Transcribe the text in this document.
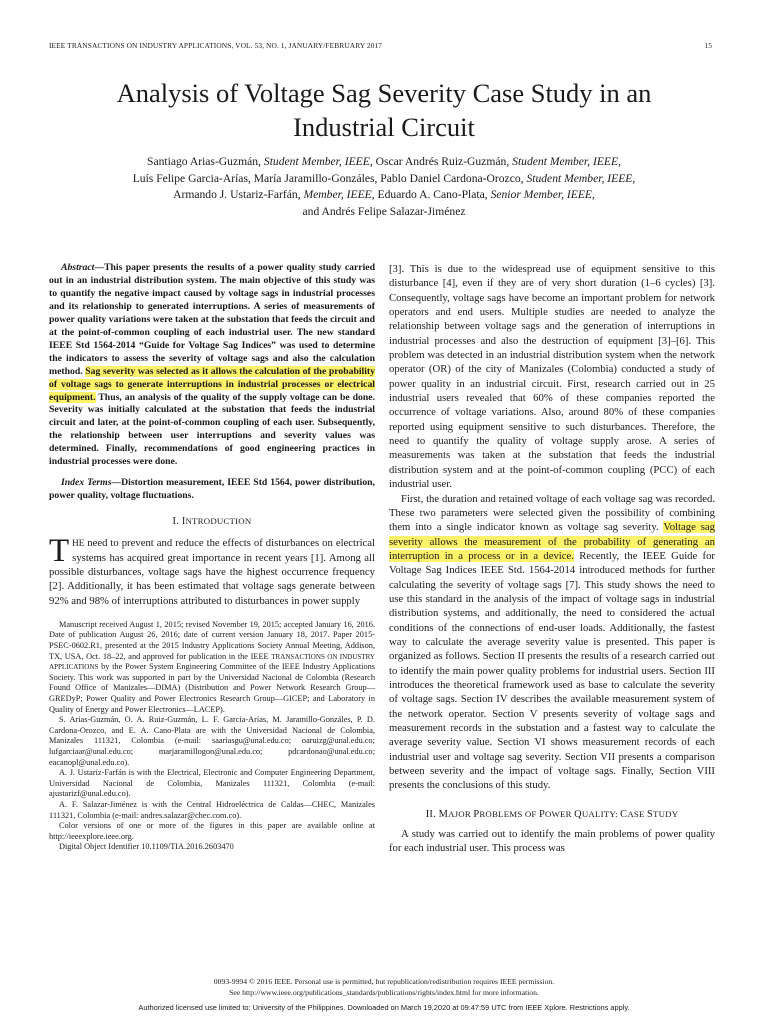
IEEE TRANSACTIONS ON INDUSTRY APPLICATIONS, VOL. 53, NO. 1, JANUARY/FEBRUARY 2017	15
Analysis of Voltage Sag Severity Case Study in an
Industrial Circuit
Santiago Arias-Guzmán, Student Member, IEEE, Oscar Andrés Ruiz-Guzmán, Student Member, IEEE,
Luís Felipe Garcia-Arías, María Jaramillo-Gonzáles, Pablo Daniel Cardona-Orozco, Student Member, IEEE,
Armando J. Ustariz-Farfán, Member, IEEE, Eduardo A. Cano-Plata, Senior Member, IEEE,
and Andrés Felipe Salazar-Jiménez

Abstract—This paper presents the results of a power quality study carried out in an industrial distribution system. The main objective of this study was to quantify the negative impact caused by voltage sags in industrial processes and its relationship to generated interruptions. A series of measurements of power quality variations were taken at the substation that feeds the circuit and at the point-of-common coupling of each industrial user. The new standard IEEE Std 1564-2014 “Guide for Voltage Sag Indices” was used to determine the indicators to assess the severity of voltage sags and also the calculation method. Sag severity was selected as it allows the calculation of the probability of voltage sags to generate interruptions in industrial processes or electrical equipment. Thus, an analysis of the quality of the supply voltage can be done. Severity was initially calculated at the substation that feeds the industrial circuit and later, at the point-of-common coupling of each user. Subsequently, the relationship between user interruptions and severity values was determined. Finally, recommendations of good engineering practices in industrial processes were done.

Index Terms—Distortion measurement, IEEE Std 1564, power distribution, power quality, voltage fluctuations.

I. INTRODUCTION

THE need to prevent and reduce the effects of disturbances on electrical systems has acquired great importance in recent years [1]. Among all possible disturbances, voltage sags have the highest occurrence frequency [2]. Additionally, it has been estimated that voltage sags generate between 92% and 98% of interruptions attributed to disturbances in power supply

Manuscript received August 1, 2015; revised November 19, 2015; accepted January 16, 2016. Date of publication August 26, 2016; date of current version January 18, 2017. Paper 2015-PSEC-0602.R1, presented at the 2015 Industry Applications Society Annual Meeting, Addison, TX, USA, Oct. 18–22, and approved for publication in the IEEE TRANSACTIONS ON INDUSTRY APPLICATIONS by the Power System Engineering Committee of the IEEE Industry Applications Society. This work was supported in part by the Universidad Nacional de Colombia (Research Found Office of Manizales—DIMA) (Distribution and Power Network Research Group—GREDyP; Power Quality and Power Electronics Research Group—GICEP; and Laboratory in Quality of Energy and Power Electronics—LACEP).

S. Arias-Guzmán, O. A. Ruiz-Guzmán, L. F. Garcia-Arías, M. Jaramillo-Gonzáles, P. D. Cardona-Orozco, and E. A. Cano-Plata are with the Universidad Nacional de Colombia, Manizales 111321, Colombia (e-mail: saariasgu@unal.edu.co; oaruizg@unal.edu.co; lufgarciaar@unal.edu.co; marjaramillogon@unal.edu.co; pdcardonao@unal.edu.co; eacanopl@unal.edu.co).

A. J. Ustariz-Farfán is with the Electrical, Electronic and Computer Engineering Department, Universidad Nacional de Colombia, Manizales 111321, Colombia (e-mail: ajustarizf@unal.edu.co).

A. F. Salazar-Jiménez is with the Central Hidroeléctrica de Caldas—CHEC, Manizales 111321, Colombia (e-mail: andres.salazar@chec.com.co).

Color versions of one or more of the figures in this paper are available online at http://ieeexplore.ieee.org.

Digital Object Identifier 10.1109/TIA.2016.2603470

[3]. This is due to the widespread use of equipment sensitive to this disturbance [4], even if they are of very short duration (1–6 cycles) [3]. Consequently, voltage sags have become an important problem for network operators and end users. Multiple studies are needed to analyze the relationship between voltage sags and the generation of interruptions in industrial processes and also the destruction of equipment [3]–[6]. This problem was detected in an industrial distribution system when the network operator (OR) of the city of Manizales (Colombia) conducted a study of power quality in an industrial circuit. First, research carried out in 25 industrial users revealed that 60% of these companies reported the occurrence of voltage variations. Also, around 80% of these companies reported using equipment sensitive to such disturbances. Therefore, the need to quantify the quality of voltage supply arose. A series of measurements was taken at the substation that feeds the industrial distribution system and at the point-of-common coupling (PCC) of each industrial user.

First, the duration and retained voltage of each voltage sag was recorded. These two parameters were selected given the possibility of combining them into a single indicator known as voltage sag severity. Voltage sag severity allows the measurement of the probability of generating an interruption in a process or in a device. Recently, the IEEE Guide for Voltage Sag Indices IEEE Std. 1564-2014 introduced methods for further calculating the severity of voltage sags [7]. This study shows the need to use this standard in the analysis of the impact of voltage sags in industrial distribution systems, and additionally, the need to considered the actual conditions of the connections of end-user loads. Additionally, the fastest way to calculate the average severity value is presented. This paper is organized as follows. Section II presents the results of a research carried out to identify the main power quality problems for industrial users. Section III introduces the theoretical framework used as base to calculate the severity of voltage sags. Section IV describes the available measurement system of the network operator. Section V presents severity of voltage sags and measurement records in the substation and a fastest way to calculate the average severity value. Section VI shows measurement records of each industrial user and voltage sag severity. Section VII presents a comparison between severity and the impact of voltage sags. Finally, Section VIII presents the conclusions of this study.

II. MAJOR PROBLEMS OF POWER QUALITY: CASE STUDY

A study was carried out to identify the main problems of power quality for each industrial user. This process was

0093-9994 © 2016 IEEE. Personal use is permitted, but republication/redistribution requires IEEE permission.
See http://www.ieee.org/publications_standards/publications/rights/index.html for more information.
Authorized licensed use limited to: University of the Philippines. Downloaded on March 19,2020 at 09:47:59 UTC from IEEE Xplore. Restrictions apply.
